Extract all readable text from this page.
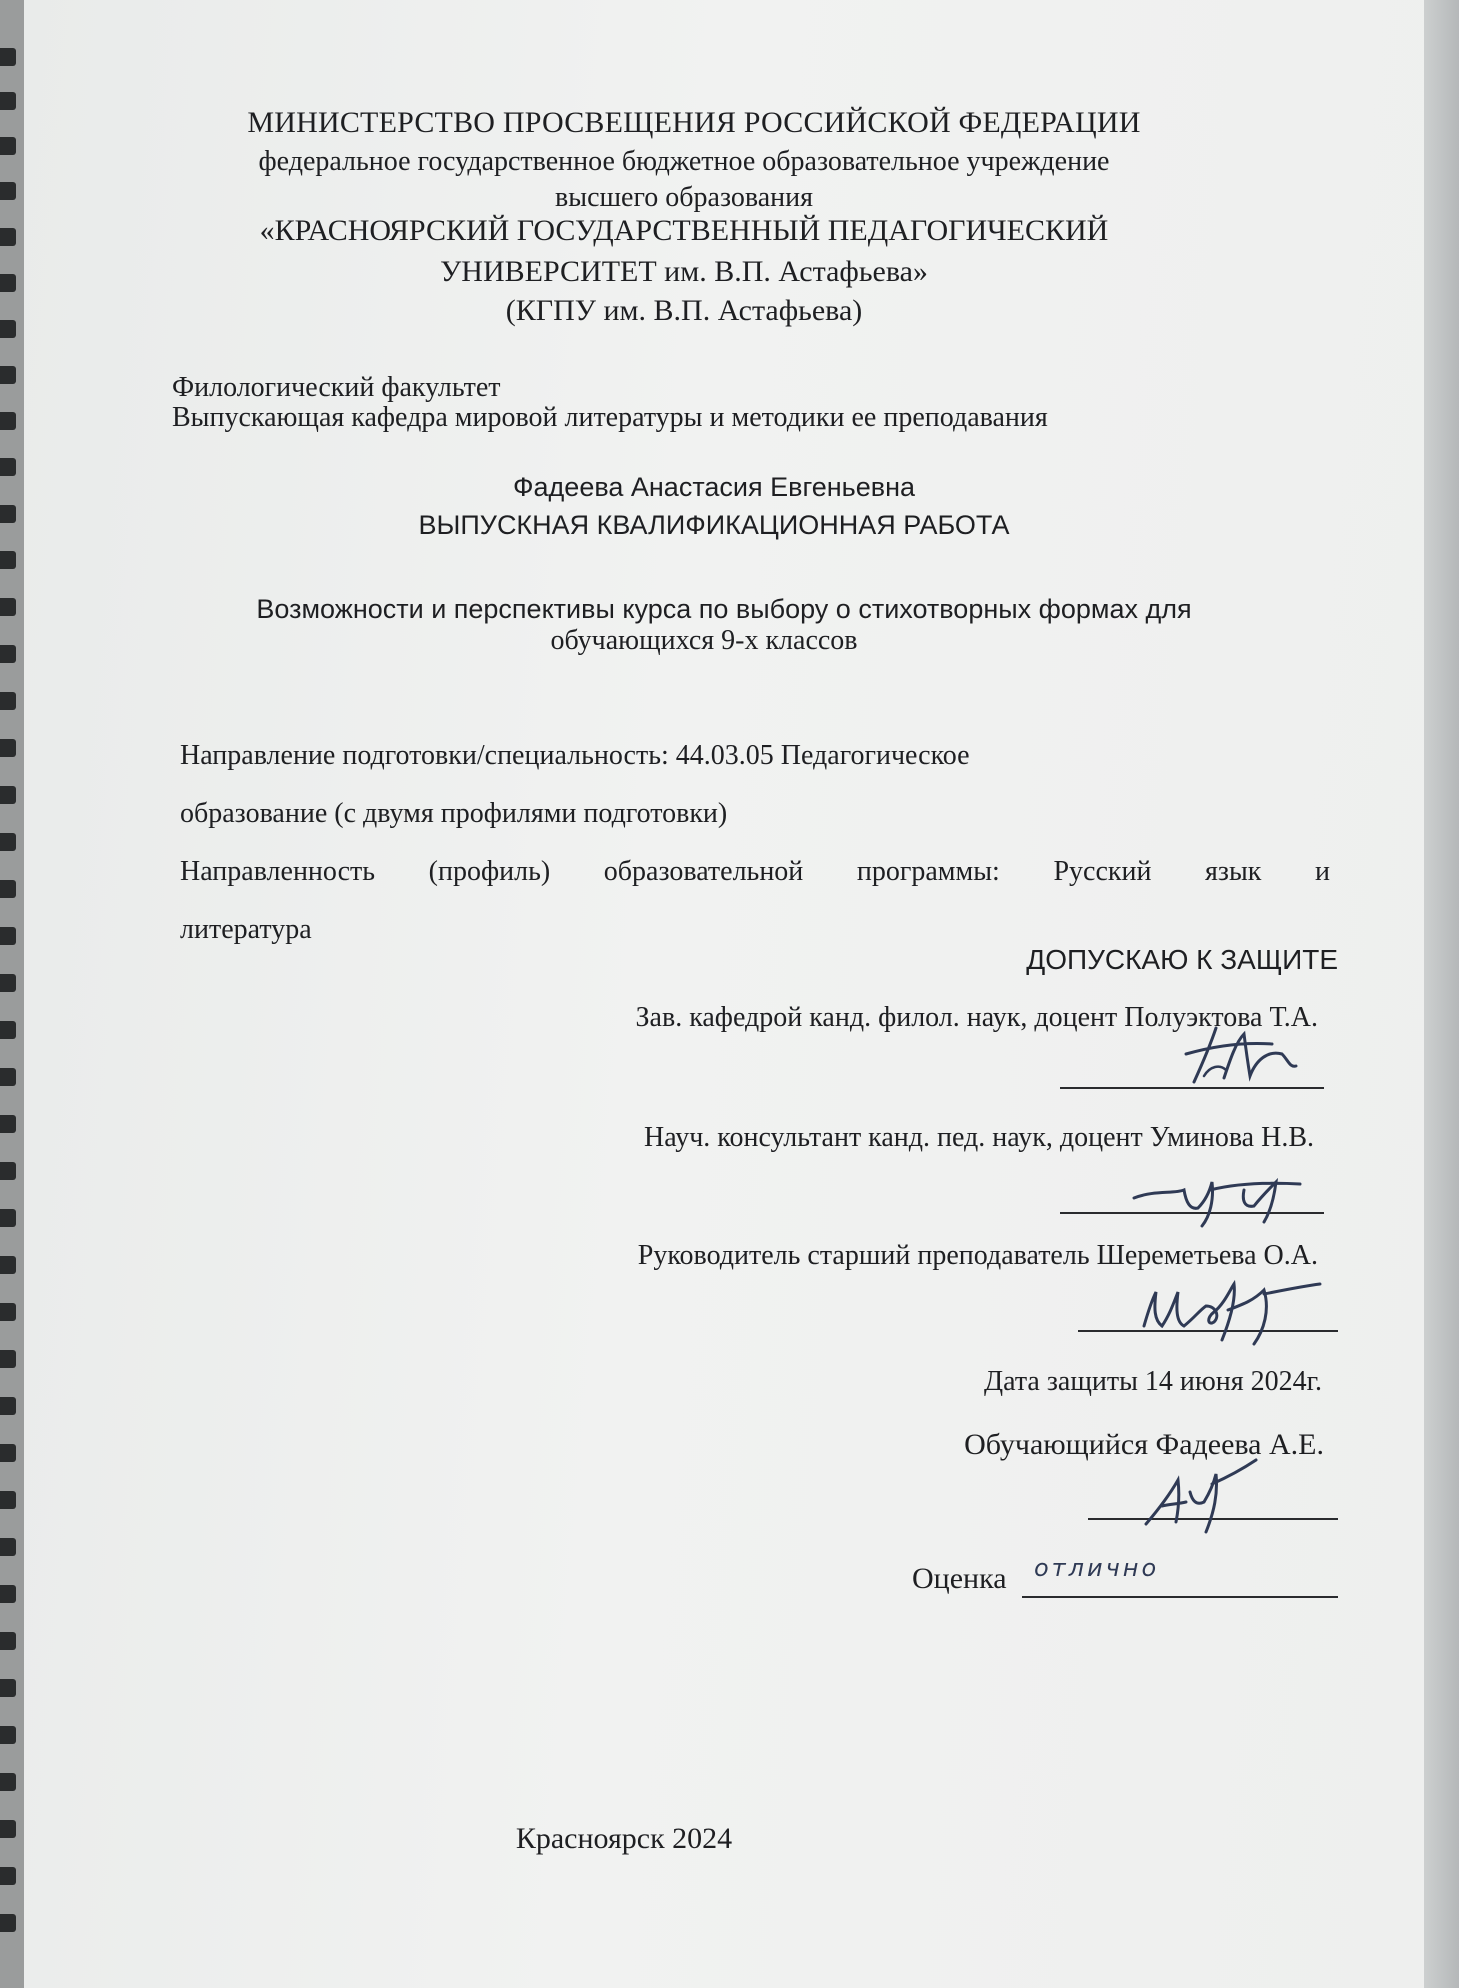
МИНИСТЕРСТВО ПРОСВЕЩЕНИЯ РОССИЙСКОЙ ФЕДЕРАЦИИ
федеральное государственное бюджетное образовательное учреждение
высшего образования
«КРАСНОЯРСКИЙ ГОСУДАРСТВЕННЫЙ ПЕДАГОГИЧЕСКИЙ
УНИВЕРСИТЕТ им. В.П. Астафьева»
(КГПУ им. В.П. Астафьева)
Филологический факультет
Выпускающая кафедра мировой литературы и методики ее преподавания
Фадеева Анастасия Евгеньевна
ВЫПУСКНАЯ КВАЛИФИКАЦИОННАЯ РАБОТА
Возможности и перспективы курса по выбору о стихотворных формах для
обучающихся 9-х классов
Направление подготовки/специальность: 44.03.05 Педагогическое
образование (с двумя профилями подготовки)
Направленность (профиль) образовательной программы: Русский язык и
литература
ДОПУСКАЮ К ЗАЩИТЕ
Зав. кафедрой канд. филол. наук, доцент Полуэктова Т.А.
Науч. консультант канд. пед. наук, доцент Уминова Н.В.
Руководитель старший преподаватель Шереметьева О.А.
Дата защиты 14 июня 2024г.
Обучающийся Фадеева А.Е.
Оценка отлично
Красноярск 2024
